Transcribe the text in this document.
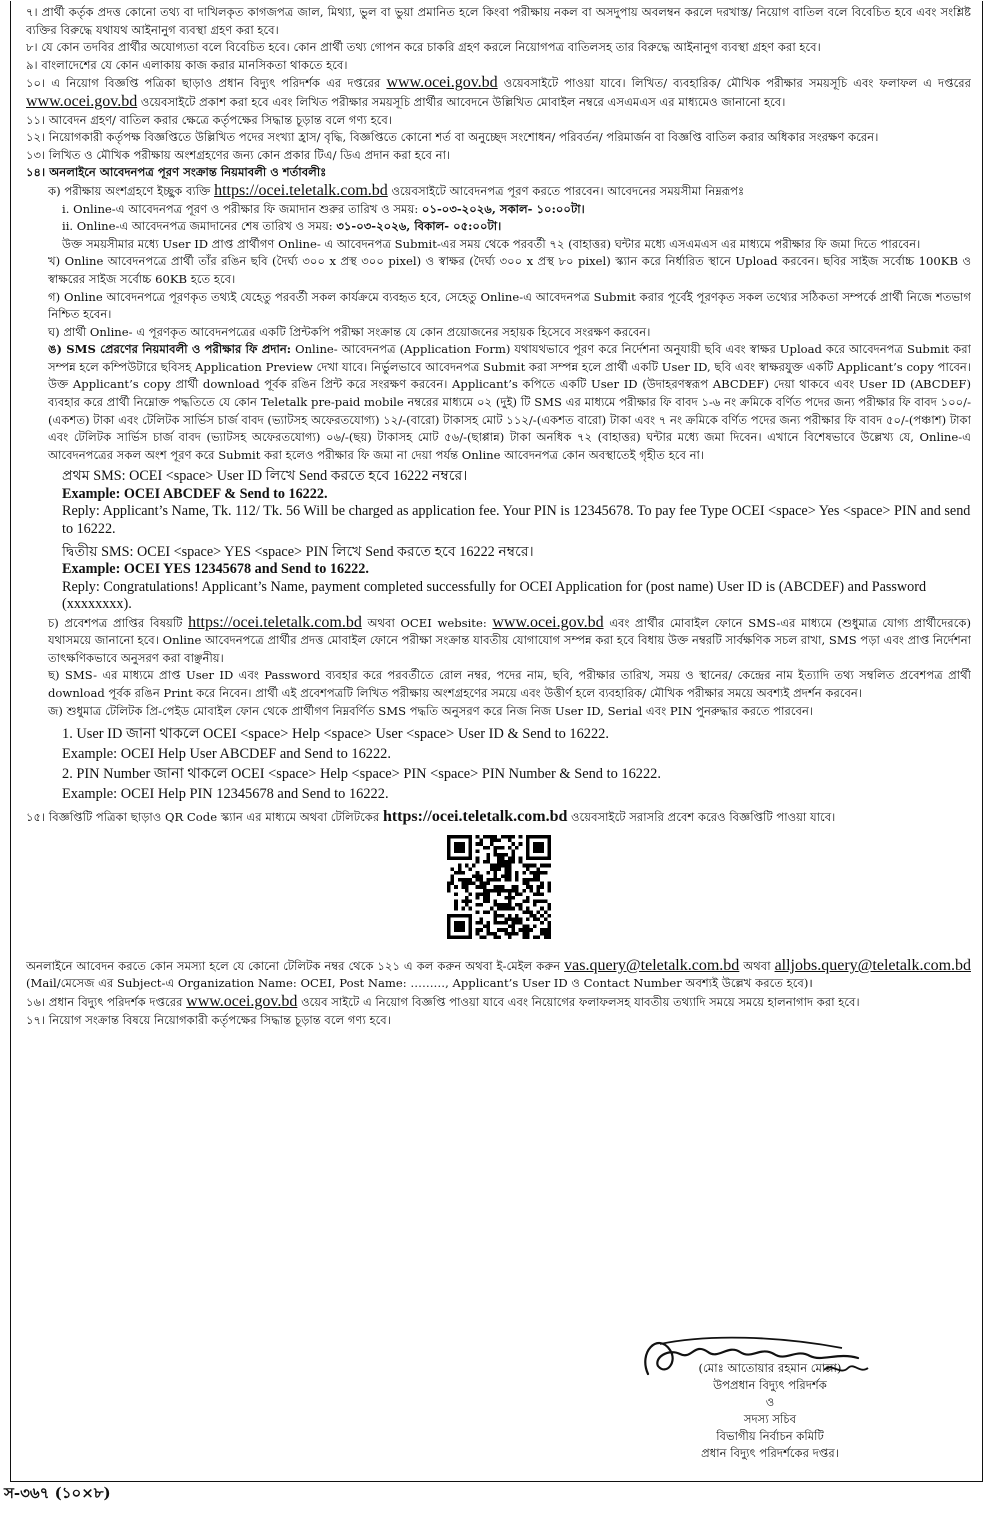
৭। প্রার্থী কর্তৃক প্রদত্ত কোনো তথ্য বা দাখিলকৃত কাগজপত্র জাল, মিথ্যা, ভুল বা ভুয়া প্রমানিত হলে কিংবা পরীক্ষায় নকল বা অসদুপায় অবলম্বন করলে দরখাস্ত/ নিয়োগ বাতিল বলে বিবেচিত হবে এবং সংশ্লিষ্ট ব্যক্তির বিরুদ্ধে যথাযথ আইনানুগ ব্যবস্থা গ্রহণ করা হবে।

৮। যে কোন তদবির প্রার্থীর অযোগ্যতা বলে বিবেচিত হবে। কোন প্রার্থী তথ্য গোপন করে চাকরি গ্রহণ করলে নিয়োগপত্র বাতিলসহ তার বিরুদ্ধে আইনানুগ ব্যবস্থা গ্রহণ করা হবে।

৯। বাংলাদেশের যে কোন এলাকায় কাজ করার মানসিকতা থাকতে হবে।

১০। এ নিয়োগ বিজ্ঞপ্তি পত্রিকা ছাড়াও প্রধান বিদ্যুৎ পরিদর্শক এর দপ্তরের www.ocei.gov.bd ওয়েবসাইটে পাওয়া যাবে। লিখিত/ ব্যবহারিক/ মৌখিক পরীক্ষার সময়সূচি এবং ফলাফল এ দপ্তরের www.ocei.gov.bd ওয়েবসাইটে প্রকাশ করা হবে এবং লিখিত পরীক্ষার সময়সূচি প্রার্থীর আবেদনে উল্লিখিত মোবাইল নম্বরে এসএমএস এর মাধ্যমেও জানানো হবে।

১১। আবেদন গ্রহণ/ বাতিল করার ক্ষেত্রে কর্তৃপক্ষের সিদ্ধান্ত চূড়ান্ত বলে গণ্য হবে।

১২। নিয়োগকারী কর্তৃপক্ষ বিজ্ঞপ্তিতে উল্লিখিত পদের সংখ্যা হ্রাস/ বৃদ্ধি, বিজ্ঞপ্তিতে কোনো শর্ত বা অনুচ্ছেদ সংশোধন/ পরিবর্তন/ পরিমার্জন বা বিজ্ঞপ্তি বাতিল করার অধিকার সংরক্ষণ করেন।

১৩। লিখিত ও মৌখিক পরীক্ষায় অংশগ্রহণের জন্য কোন প্রকার টিএ/ ডিএ প্রদান করা হবে না।

১৪। অনলাইনে আবেদনপত্র পূরণ সংক্রান্ত নিয়মাবলী ও শর্তাবলীঃ

ক) পরীক্ষায় অংশগ্রহণে ইচ্ছুক ব্যক্তি https://ocei.teletalk.com.bd ওয়েবসাইটে আবেদনপত্র পূরণ করতে পারবেন। আবেদনের সময়সীমা নিম্নরূপঃ

i. Online-এ আবেদনপত্র পূরণ ও পরীক্ষার ফি জমাদান শুরুর তারিখ ও সময়: ০১-০৩-২০২৬, সকাল- ১০:০০টা।

ii. Online-এ আবেদনপত্র জমাদানের শেষ তারিখ ও সময়: ৩১-০৩-২০২৬, বিকাল- ০৫:০০টা।

উক্ত সময়সীমার মধ্যে User ID প্রাপ্ত প্রার্থীগণ Online- এ আবেদনপত্র Submit-এর সময় থেকে পরবর্তী ৭২ (বাহাত্তর) ঘন্টার মধ্যে এসএমএস এর মাধ্যমে পরীক্ষার ফি জমা দিতে পারবেন।

খ) Online আবেদনপত্রে প্রার্থী তাঁর রঙিন ছবি (দৈর্ঘ্য ৩০০ x প্রস্থ ৩০০ pixel) ও স্বাক্ষর (দৈর্ঘ্য ৩০০ x প্রস্থ ৮০ pixel) স্ক্যান করে নির্ধারিত স্থানে Upload করবেন। ছবির সাইজ সর্বোচ্চ 100KB ও স্বাক্ষরের সাইজ সর্বোচ্চ 60KB হতে হবে।

গ) Online আবেদনপত্রে পূরণকৃত তথ্যই যেহেতু পরবর্তী সকল কার্যক্রমে ব্যবহৃত হবে, সেহেতু Online-এ আবেদনপত্র Submit করার পূর্বেই পূরণকৃত সকল তথ্যের সঠিকতা সম্পর্কে প্রার্থী নিজে শতভাগ নিশ্চিত হবেন।

ঘ) প্রার্থী Online- এ পূরণকৃত আবেদনপত্রের একটি প্রিন্টকপি পরীক্ষা সংক্রান্ত যে কোন প্রয়োজনের সহায়ক হিসেবে সংরক্ষণ করবেন।

ঙ) SMS প্রেরণের নিয়মাবলী ও পরীক্ষার ফি প্রদান: Online- আবেদনপত্র (Application Form) যথাযথভাবে পূরণ করে নির্দেশনা অনুযায়ী ছবি এবং স্বাক্ষর Upload করে আবেদনপত্র Submit করা সম্পন্ন হলে কম্পিউটারে ছবিসহ Application Preview দেখা যাবে। নির্ভুলভাবে আবেদনপত্র Submit করা সম্পন্ন হলে প্রার্থী একটি User ID, ছবি এবং স্বাক্ষরযুক্ত একটি Applicant’s copy পাবেন। উক্ত Applicant’s copy প্রার্থী download পূর্বক রঙিন প্রিন্ট করে সংরক্ষণ করবেন। Applicant’s কপিতে একটি User ID (উদাহরণস্বরূপ ABCDEF) দেয়া থাকবে এবং User ID (ABCDEF) ব্যবহার করে প্রার্থী নিম্নোক্ত পদ্ধতিতে যে কোন Teletalk pre-paid mobile নম্বরের মাধ্যমে ০২ (দুই) টি SMS এর মাধ্যমে পরীক্ষার ফি বাবদ ১-৬ নং ক্রমিকে বর্ণিত পদের জন্য পরীক্ষার ফি বাবদ ১০০/-(একশত) টাকা এবং টেলিটক সার্ভিস চার্জ বাবদ (ভ্যাটসহ অফেরতযোগ্য) ১২/-(বারো) টাকাসহ মোট ১১২/-(একশত বারো) টাকা এবং ৭ নং ক্রমিকে বর্ণিত পদের জন্য পরীক্ষার ফি বাবদ ৫০/-(পঞ্চাশ) টাকা এবং টেলিটক সার্ভিস চার্জ বাবদ (ভ্যাটসহ অফেরতযোগ্য) ০৬/-(ছয়) টাকাসহ মোট ৫৬/-(ছাপ্পান্ন) টাকা অনধিক ৭২ (বাহাত্তর) ঘন্টার মধ্যে জমা দিবেন। এখানে বিশেষভাবে উল্লেখ্য যে, Online-এ আবেদনপত্রের সকল অংশ পূরণ করে Submit করা হলেও পরীক্ষার ফি জমা না দেয়া পর্যন্ত Online আবেদনপত্র কোন অবস্থাতেই গৃহীত হবে না।

প্রথম SMS: OCEI <space> User ID লিখে Send করতে হবে 16222 নম্বরে।

Example: OCEI ABCDEF & Send to 16222.

Reply: Applicant’s Name, Tk. 112/ Tk. 56 Will be charged as application fee. Your PIN is 12345678. To pay fee Type OCEI <space> Yes <space> PIN and send to 16222.

দ্বিতীয় SMS: OCEI <space> YES <space> PIN লিখে Send করতে হবে 16222 নম্বরে।

Example: OCEI YES 12345678 and Send to 16222.

Reply: Congratulations! Applicant’s Name, payment completed successfully for OCEI Application for (post name) User ID is (ABCDEF) and Password (xxxxxxxx).

চ) প্রবেশপত্র প্রাপ্তির বিষয়টি https://ocei.teletalk.com.bd অথবা OCEI website: www.ocei.gov.bd এবং প্রার্থীর মোবাইল ফোনে SMS-এর মাধ্যমে (শুধুমাত্র যোগ্য প্রার্থীদেরকে) যথাসময়ে জানানো হবে। Online আবেদনপত্রে প্রার্থীর প্রদত্ত মোবাইল ফোনে পরীক্ষা সংক্রান্ত যাবতীয় যোগাযোগ সম্পন্ন করা হবে বিধায় উক্ত নম্বরটি সার্বক্ষণিক সচল রাখা, SMS পড়া এবং প্রাপ্ত নির্দেশনা তাৎক্ষণিকভাবে অনুসরণ করা বাঞ্ছনীয়।

ছ) SMS- এর মাধ্যমে প্রাপ্ত User ID এবং Password ব্যবহার করে পরবর্তীতে রোল নম্বর, পদের নাম, ছবি, পরীক্ষার তারিখ, সময় ও স্থানের/ কেন্দ্রের নাম ইত্যাদি তথ্য সম্বলিত প্রবেশপত্র প্রার্থী download পূর্বক রঙিন Print করে নিবেন। প্রার্থী এই প্রবেশপত্রটি লিখিত পরীক্ষায় অংশগ্রহণের সময়ে এবং উত্তীর্ণ হলে ব্যবহারিক/ মৌখিক পরীক্ষার সময়ে অবশ্যই প্রদর্শন করবেন।

জ) শুধুমাত্র টেলিটক প্রি-পেইড মোবাইল ফোন থেকে প্রার্থীগণ নিম্নবর্ণিত SMS পদ্ধতি অনুসরণ করে নিজ নিজ User ID, Serial এবং PIN পুনরুদ্ধার করতে পারবেন।

1. User ID জানা থাকলে OCEI <space> Help <space> User <space> User ID & Send to 16222.

Example: OCEI Help User ABCDEF and Send to 16222.

2. PIN Number জানা থাকলে OCEI <space> Help <space> PIN <space> PIN Number & Send to 16222.

Example: OCEI Help PIN 12345678 and Send to 16222.

১৫। বিজ্ঞপ্তিটি পত্রিকা ছাড়াও QR Code স্ক্যান এর মাধ্যমে অথবা টেলিটকের https://ocei.teletalk.com.bd ওয়েবসাইটে সরাসরি প্রবেশ করেও বিজ্ঞপ্তিটি পাওয়া যাবে।

অনলাইনে আবেদন করতে কোন সমস্যা হলে যে কোনো টেলিটক নম্বর থেকে ১২১ এ কল করুন অথবা ই-মেইল করুন vas.query@teletalk.com.bd অথবা alljobs.query@teletalk.com.bd (Mail/মেসেজ এর Subject-এ Organization Name: OCEI, Post Name: ………, Applicant’s User ID ও Contact Number অবশ্যই উল্লেখ করতে হবে)।

১৬। প্রধান বিদ্যুৎ পরিদর্শক দপ্তরের www.ocei.gov.bd ওয়েব সাইটে এ নিয়োগ বিজ্ঞপ্তি পাওয়া যাবে এবং নিয়োগের ফলাফলসহ যাবতীয় তথ্যাদি সময়ে সময়ে হালনাগাদ করা হবে।

১৭। নিয়োগ সংক্রান্ত বিষয়ে নিয়োগকারী কর্তৃপক্ষের সিদ্ধান্ত চূড়ান্ত বলে গণ্য হবে।

(মোঃ আতোয়ার রহমান মোল্লা)

উপপ্রধান বিদ্যুৎ পরিদর্শক

ও

সদস্য সচিব

বিভাগীয় নির্বাচন কমিটি

প্রধান বিদ্যুৎ পরিদর্শকের দপ্তর।

স-৩৬৭ (১০×৮)
